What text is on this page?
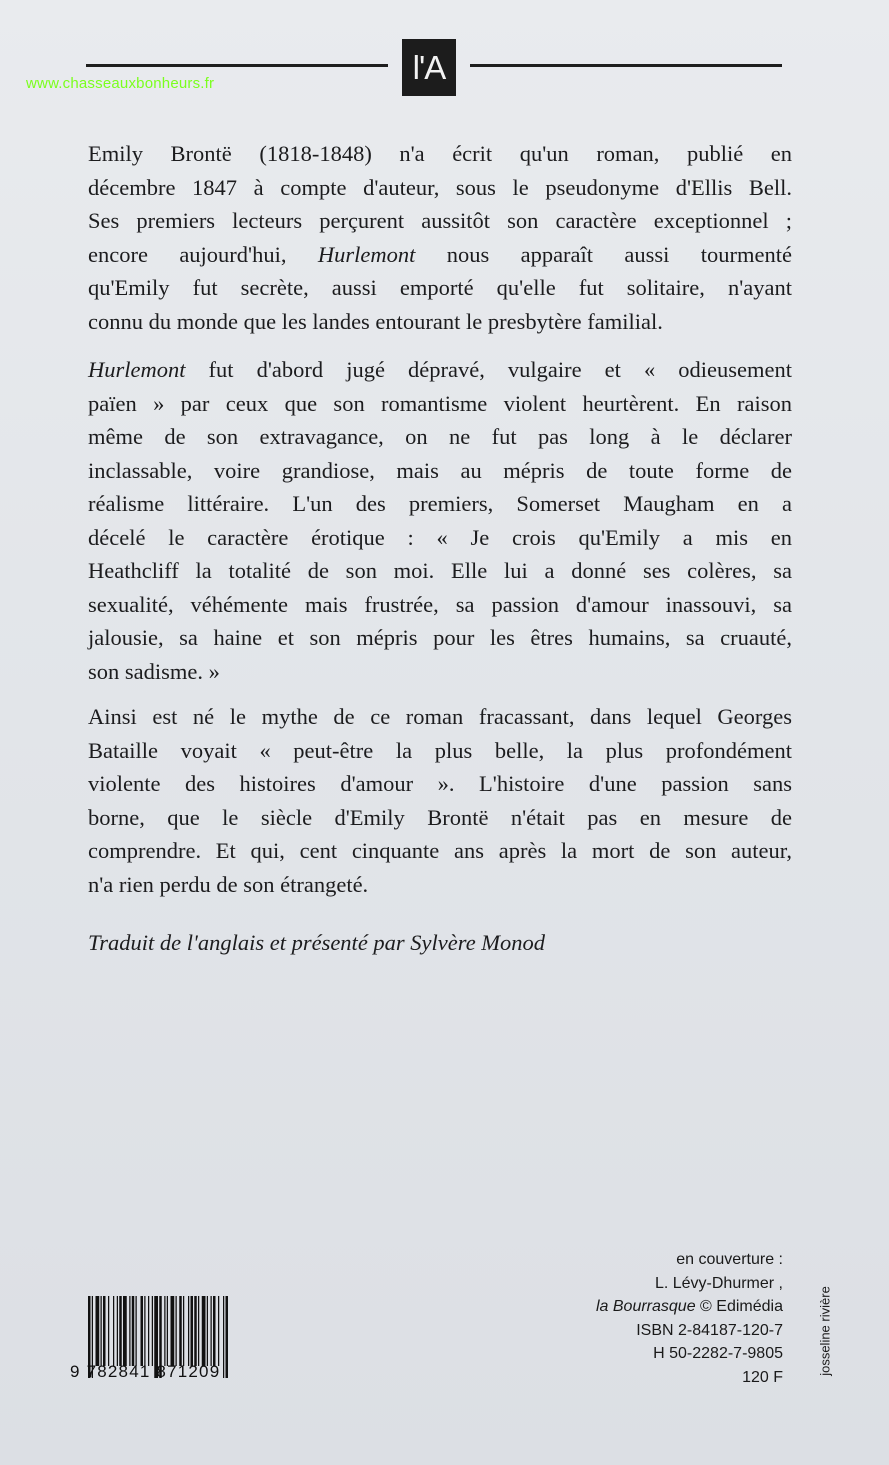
l'A
www.chasseauxbonheurs.fr
Emily Brontë (1818-1848) n'a écrit qu'un roman, publié en
décembre 1847 à compte d'auteur, sous le pseudonyme d'Ellis Bell.
Ses premiers lecteurs perçurent aussitôt son caractère exceptionnel ;
encore aujourd'hui, Hurlemont nous apparaît aussi tourmenté
qu'Emily fut secrète, aussi emporté qu'elle fut solitaire, n'ayant
connu du monde que les landes entourant le presbytère familial.
Hurlemont fut d'abord jugé dépravé, vulgaire et « odieusement
païen » par ceux que son romantisme violent heurtèrent. En raison
même de son extravagance, on ne fut pas long à le déclarer
inclassable, voire grandiose, mais au mépris de toute forme de
réalisme littéraire. L'un des premiers, Somerset Maugham en a
décelé le caractère érotique : « Je crois qu'Emily a mis en
Heathcliff la totalité de son moi. Elle lui a donné ses colères, sa
sexualité, véhémente mais frustrée, sa passion d'amour inassouvi, sa
jalousie, sa haine et son mépris pour les êtres humains, sa cruauté,
son sadisme. »
Ainsi est né le mythe de ce roman fracassant, dans lequel Georges
Bataille voyait « peut-être la plus belle, la plus profondément
violente des histoires d'amour ». L'histoire d'une passion sans
borne, que le siècle d'Emily Brontë n'était pas en mesure de
comprendre. Et qui, cent cinquante ans après la mort de son auteur,
n'a rien perdu de son étrangeté.
Traduit de l'anglais et présenté par Sylvère Monod
9 782841 871209
en couverture :
L. Lévy-Dhurmer ,
la Bourrasque © Edimédia
ISBN 2-84187-120-7
H 50-2282-7-9805
120 F
josseline rivière
